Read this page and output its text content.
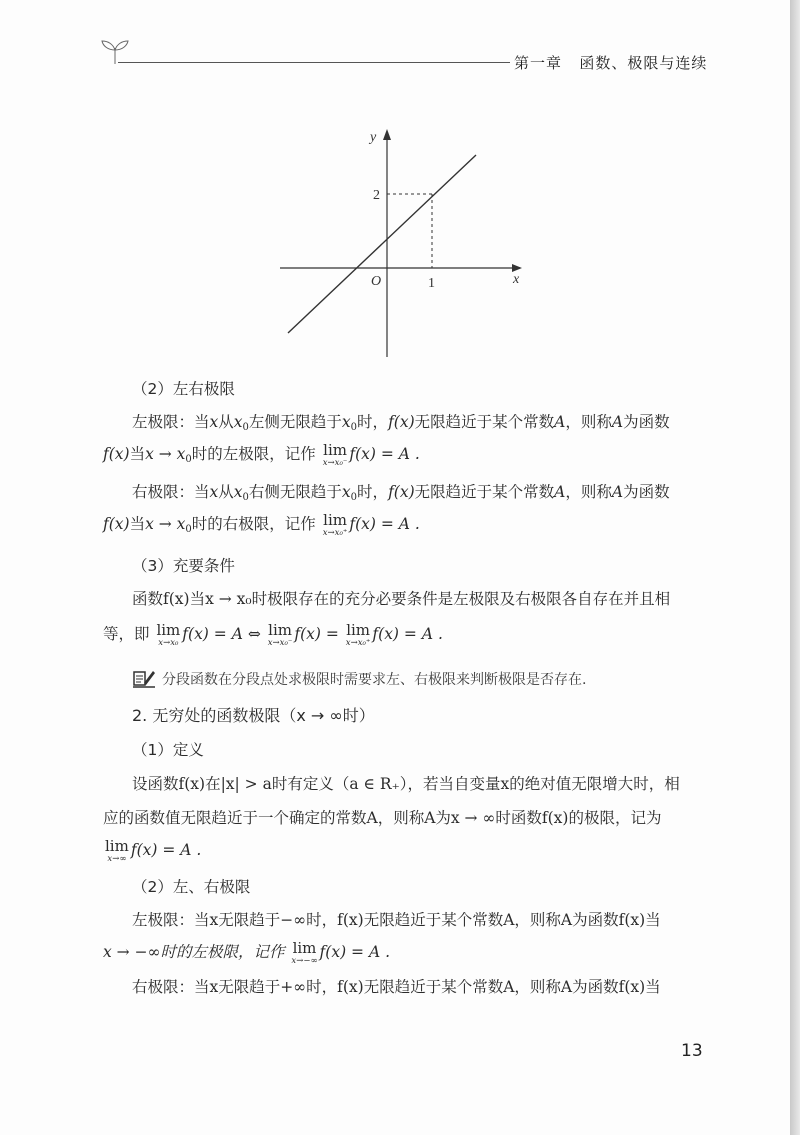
第一章 函数、极限与连续
y
x
O	1
2
（2）左右极限
左极限：当x从$x_0$左侧无限趋于$x_0$时，f(x)无限趋近于某个常数A，则称A为函数
f(x)当$x \to x_0$时的左极限，记作 lim
x→x₀⁻ f(x) = A .
右极限：当x从$x_0$右侧无限趋于$x_0$时，f(x)无限趋近于某个常数A，则称A为函数
f(x)当$x \to x_0$时的右极限，记作 lim
x→x₀⁺ f(x) = A .
（3）充要条件
函数f(x)当x → x₀时极限存在的充分必要条件是左极限及右极限各自存在并且相
等，即 lim
x→x₀ f(x) = A ⇔ lim
x→x₀⁻ f(x) = lim
x→x₀⁺ f(x) = A .
分段函数在分段点处求极限时需要求左、右极限来判断极限是否存在.
2. 无穷处的函数极限（x → ∞时）
（1）定义
设函数f(x)在|x| > a时有定义（a ∈ R₊），若当自变量x的绝对值无限增大时，相
应的函数值无限趋近于一个确定的常数A，则称A为x → ∞时函数f(x)的极限，记为
lim
x→∞ f(x) = A .
（2）左、右极限
左极限：当x无限趋于−∞时，f(x)无限趋近于某个常数A，则称A为函数f(x)当
x → −∞时的左极限，记作 lim
x→−∞ f(x) = A .
右极限：当x无限趋于+∞时，f(x)无限趋近于某个常数A，则称A为函数f(x)当
13
